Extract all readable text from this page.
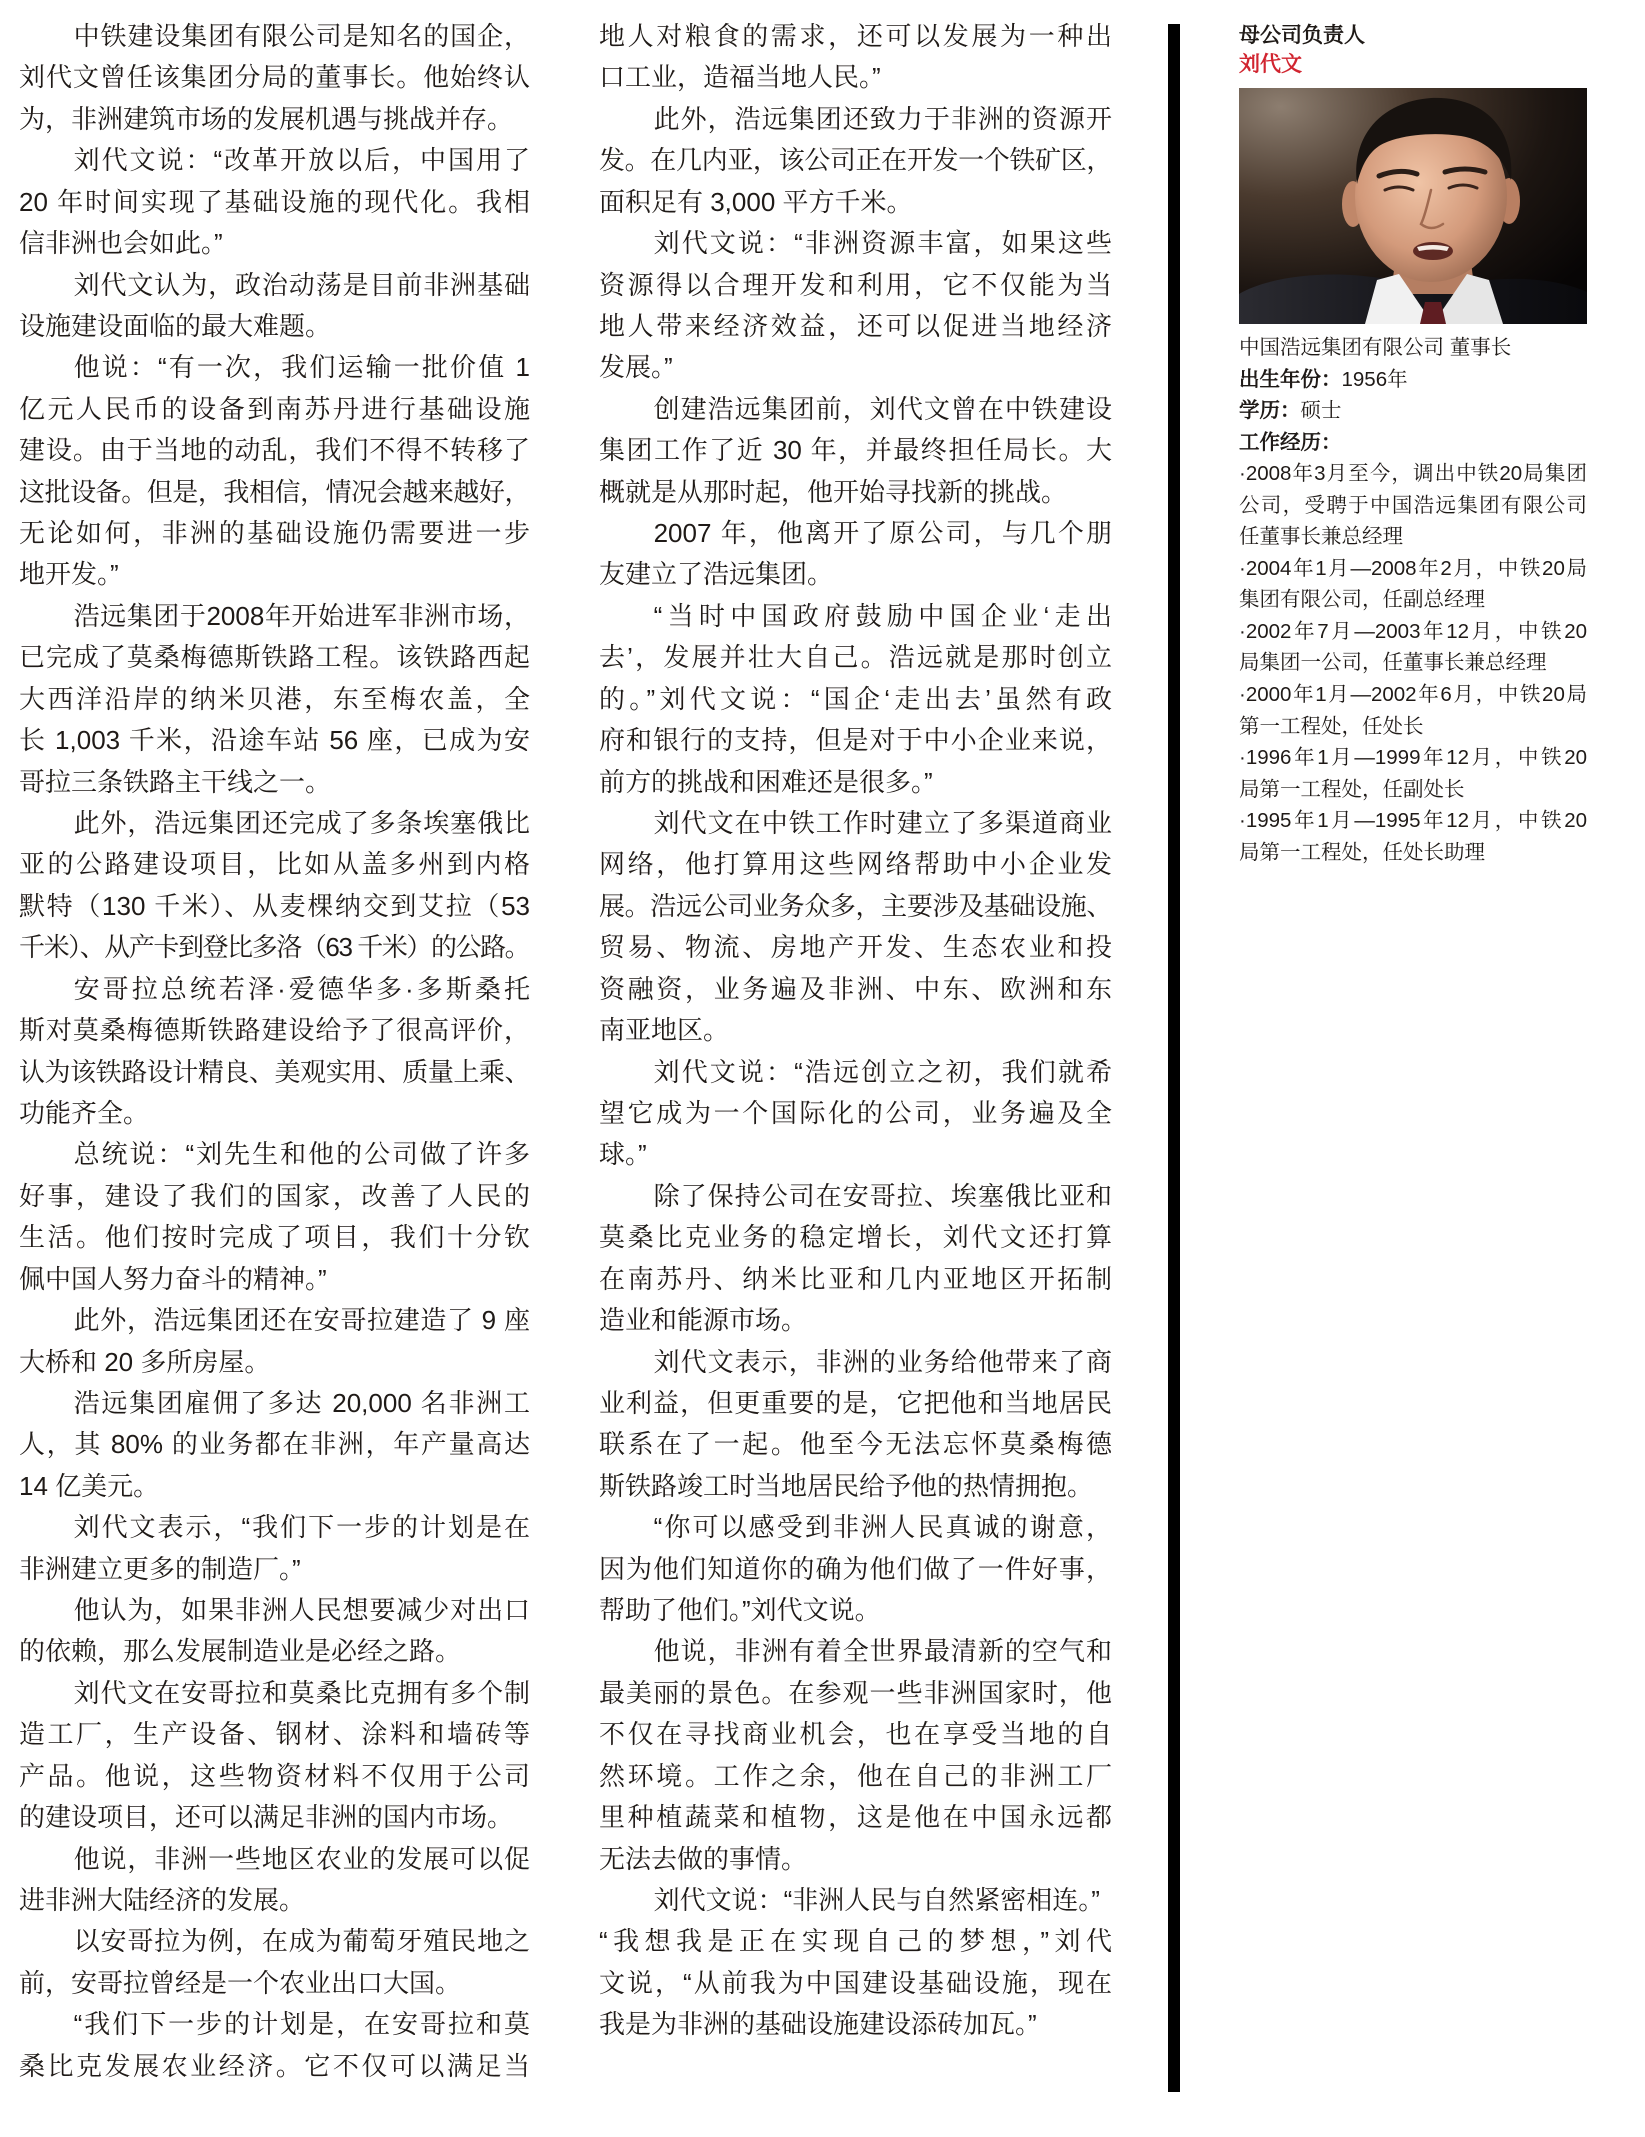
中铁建设集团有限公司是知名的国企，
刘代文曾任该集团分局的董事长。他始终认
为，非洲建筑市场的发展机遇与挑战并存。
刘代文说：“改革开放以后，中国用了
20 年时间实现了基础设施的现代化。我相
信非洲也会如此。”
刘代文认为，政治动荡是目前非洲基础
设施建设面临的最大难题。
他说：“有一次，我们运输一批价值 1
亿元人民币的设备到南苏丹进行基础设施
建设。由于当地的动乱，我们不得不转移了
这批设备。但是，我相信，情况会越来越好，
无论如何，非洲的基础设施仍需要进一步
地开发。”
浩远集团于2008年开始进军非洲市场，
已完成了莫桑梅德斯铁路工程。该铁路西起
大西洋沿岸的纳米贝港，东至梅农盖，全
长 1,003 千米，沿途车站 56 座，已成为安
哥拉三条铁路主干线之一。
此外，浩远集团还完成了多条埃塞俄比
亚的公路建设项目，比如从盖多州到内格
默特（130 千米）、从麦棵纳交到艾拉（53
千米）、从产卡到登比多洛（63 千米）的公路。
安哥拉总统若泽·爱德华多·多斯桑托
斯对莫桑梅德斯铁路建设给予了很高评价，
认为该铁路设计精良、美观实用、质量上乘、
功能齐全。
总统说：“刘先生和他的公司做了许多
好事，建设了我们的国家，改善了人民的
生活。他们按时完成了项目，我们十分钦
佩中国人努力奋斗的精神。”
此外，浩远集团还在安哥拉建造了 9 座
大桥和 20 多所房屋。
浩远集团雇佣了多达 20,000 名非洲工
人，其 80% 的业务都在非洲，年产量高达
14 亿美元。
刘代文表示，“我们下一步的计划是在
非洲建立更多的制造厂。”
他认为，如果非洲人民想要减少对出口
的依赖，那么发展制造业是必经之路。
刘代文在安哥拉和莫桑比克拥有多个制
造工厂，生产设备、钢材、涂料和墙砖等
产品。他说，这些物资材料不仅用于公司
的建设项目，还可以满足非洲的国内市场。
他说，非洲一些地区农业的发展可以促
进非洲大陆经济的发展。
以安哥拉为例，在成为葡萄牙殖民地之
前，安哥拉曾经是一个农业出口大国。
“我们下一步的计划是，在安哥拉和莫
桑比克发展农业经济。它不仅可以满足当
地人对粮食的需求，还可以发展为一种出
口工业，造福当地人民。”
此外，浩远集团还致力于非洲的资源开
发。在几内亚，该公司正在开发一个铁矿区，
面积足有 3,000 平方千米。
刘代文说：“非洲资源丰富，如果这些
资源得以合理开发和利用，它不仅能为当
地人带来经济效益，还可以促进当地经济
发展。”
创建浩远集团前，刘代文曾在中铁建设
集团工作了近 30 年，并最终担任局长。大
概就是从那时起，他开始寻找新的挑战。
2007 年，他离开了原公司，与几个朋
友建立了浩远集团。
“当时中国政府鼓励中国企业‘走出
去’，发展并壮大自己。浩远就是那时创立
的。”刘代文说：“国企‘走出去’虽然有政
府和银行的支持，但是对于中小企业来说，
前方的挑战和困难还是很多。”
刘代文在中铁工作时建立了多渠道商业
网络，他打算用这些网络帮助中小企业发
展。浩远公司业务众多，主要涉及基础设施、
贸易、物流、房地产开发、生态农业和投
资融资，业务遍及非洲、中东、欧洲和东
南亚地区。
刘代文说：“浩远创立之初，我们就希
望它成为一个国际化的公司，业务遍及全
球。”
除了保持公司在安哥拉、埃塞俄比亚和
莫桑比克业务的稳定增长，刘代文还打算
在南苏丹、纳米比亚和几内亚地区开拓制
造业和能源市场。
刘代文表示，非洲的业务给他带来了商
业利益，但更重要的是，它把他和当地居民
联系在了一起。他至今无法忘怀莫桑梅德
斯铁路竣工时当地居民给予他的热情拥抱。
“你可以感受到非洲人民真诚的谢意，
因为他们知道你的确为他们做了一件好事，
帮助了他们。”刘代文说。
他说，非洲有着全世界最清新的空气和
最美丽的景色。在参观一些非洲国家时，他
不仅在寻找商业机会，也在享受当地的自
然环境。工作之余，他在自己的非洲工厂
里种植蔬菜和植物，这是他在中国永远都
无法去做的事情。
刘代文说：“非洲人民与自然紧密相连。”
“我想我是正在实现自己的梦想，”刘代
文说，“从前我为中国建设基础设施，现在
我是为非洲的基础设施建设添砖加瓦。”
母公司负责人
刘代文
中国浩远集团有限公司 董事长
出生年份：1956年
学历：硕士
工作经历：
·2008年3月至今，调出中铁20局集团
公司，受聘于中国浩远集团有限公司
任董事长兼总经理
·2004年1月—2008年2月，中铁20局
集团有限公司，任副总经理
·2002年7月—2003年12月，中铁20
局集团一公司，任董事长兼总经理
·2000年1月—2002年6月，中铁20局
第一工程处，任处长
·1996年1月—1999年12月，中铁20
局第一工程处，任副处长
·1995年1月—1995年12月，中铁20
局第一工程处，任处长助理
